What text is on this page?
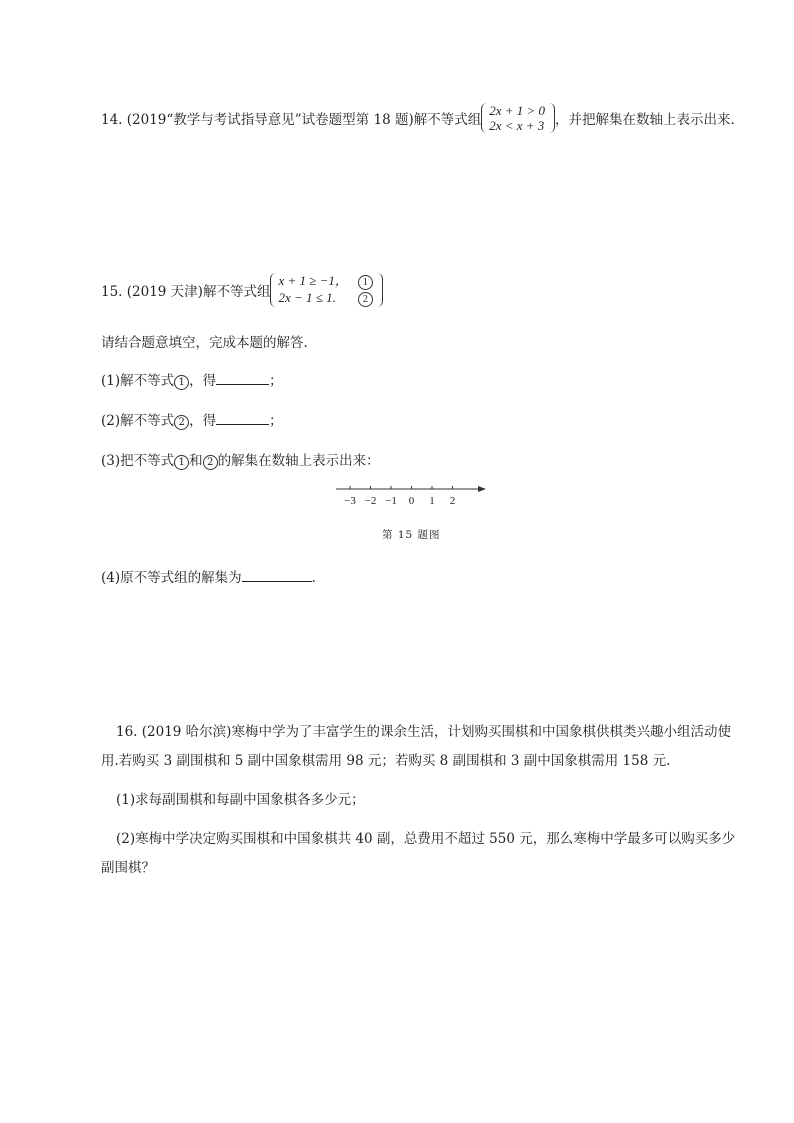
14. (2019“教学与考试指导意见”试卷题型第 18 题)解不等式组
2x + 1 > 0
2x < x + 3 ，并把解集在数轴上表示出来.
15. (2019 天津)解不等式组
x + 1 ≥ −1， 1
2x − 1 ≤ 1.	2
请结合题意填空，完成本题的解答.
(1)解不等式 1 ，得	；
(2)解不等式 2 ，得	；
(3)把不等式 1 和 2 的解集在数轴上表示出来：
−3 −2 −1 0 1 2
第 15 题图
(4)原不等式组的解集为	.
16. (2019 哈尔滨)寒梅中学为了丰富学生的课余生活，计划购买围棋和中国象棋供棋类兴趣小组活动使
用.若购买 3 副围棋和 5 副中国象棋需用 98 元；若购买 8 副围棋和 3 副中国象棋需用 158 元.
(1)求每副围棋和每副中国象棋各多少元；
(2)寒梅中学决定购买围棋和中国象棋共 40 副，总费用不超过 550 元，那么寒梅中学最多可以购买多少
副围棋？
